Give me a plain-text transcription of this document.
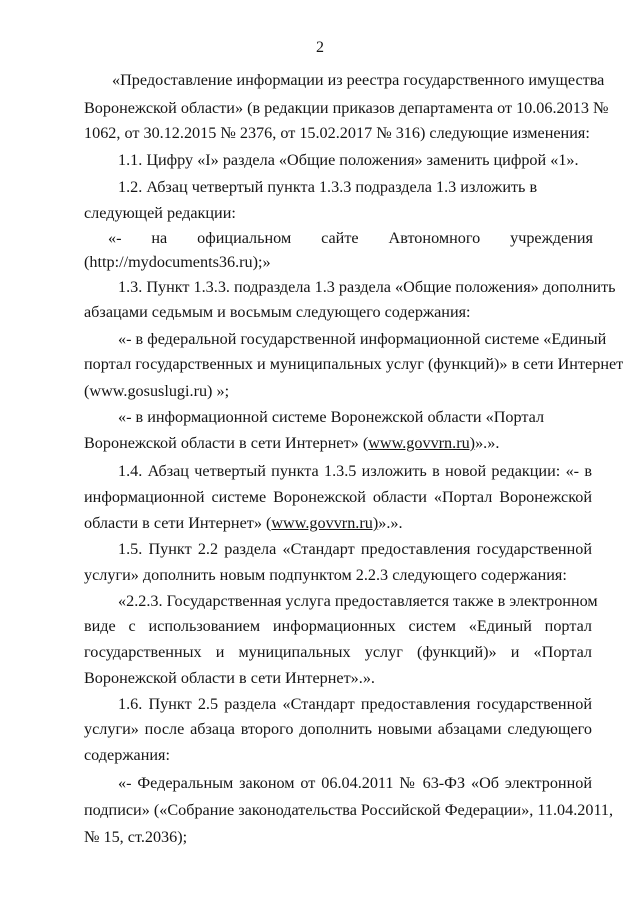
2
«Предоставление информации из реестра государственного имущества
Воронежской области» (в редакции приказов департамента от 10.06.2013 №
1062, от 30.12.2015 № 2376, от 15.02.2017 № 316) следующие изменения:
1.1. Цифру «I» раздела «Общие положения» заменить цифрой «1».
1.2. Абзац четвертый пункта 1.3.3 подраздела 1.3 изложить в
следующей редакции:
«- на официальном сайте Автономного учреждения
(http://mydocuments36.ru);»
1.3. Пункт 1.3.3. подраздела 1.3 раздела «Общие положения» дополнить
абзацами седьмым и восьмым следующего содержания:
«- в федеральной государственной информационной системе «Единый
портал государственных и муниципальных услуг (функций)» в сети Интернет
(www.gosuslugi.ru) »;
«- в информационной системе Воронежской области «Портал
Воронежской области в сети Интернет» (www.govvrn.ru)».».
1.4. Абзац четвертый пункта 1.3.5 изложить в новой редакции: «- в
информационной системе Воронежской области «Портал Воронежской
области в сети Интернет» (www.govvrn.ru)».».
1.5. Пункт 2.2 раздела «Стандарт предоставления государственной
услуги» дополнить новым подпунктом 2.2.3 следующего содержания:
«2.2.3. Государственная услуга предоставляется также в электронном
виде с использованием информационных систем «Единый портал
государственных и муниципальных услуг (функций)» и «Портал
Воронежской области в сети Интернет».».
1.6. Пункт 2.5 раздела «Стандарт предоставления государственной
услуги» после абзаца второго дополнить новыми абзацами следующего
содержания:
«- Федеральным законом от 06.04.2011 № 63-ФЗ «Об электронной
подписи» («Собрание законодательства Российской Федерации», 11.04.2011,
№ 15, ст.2036);
